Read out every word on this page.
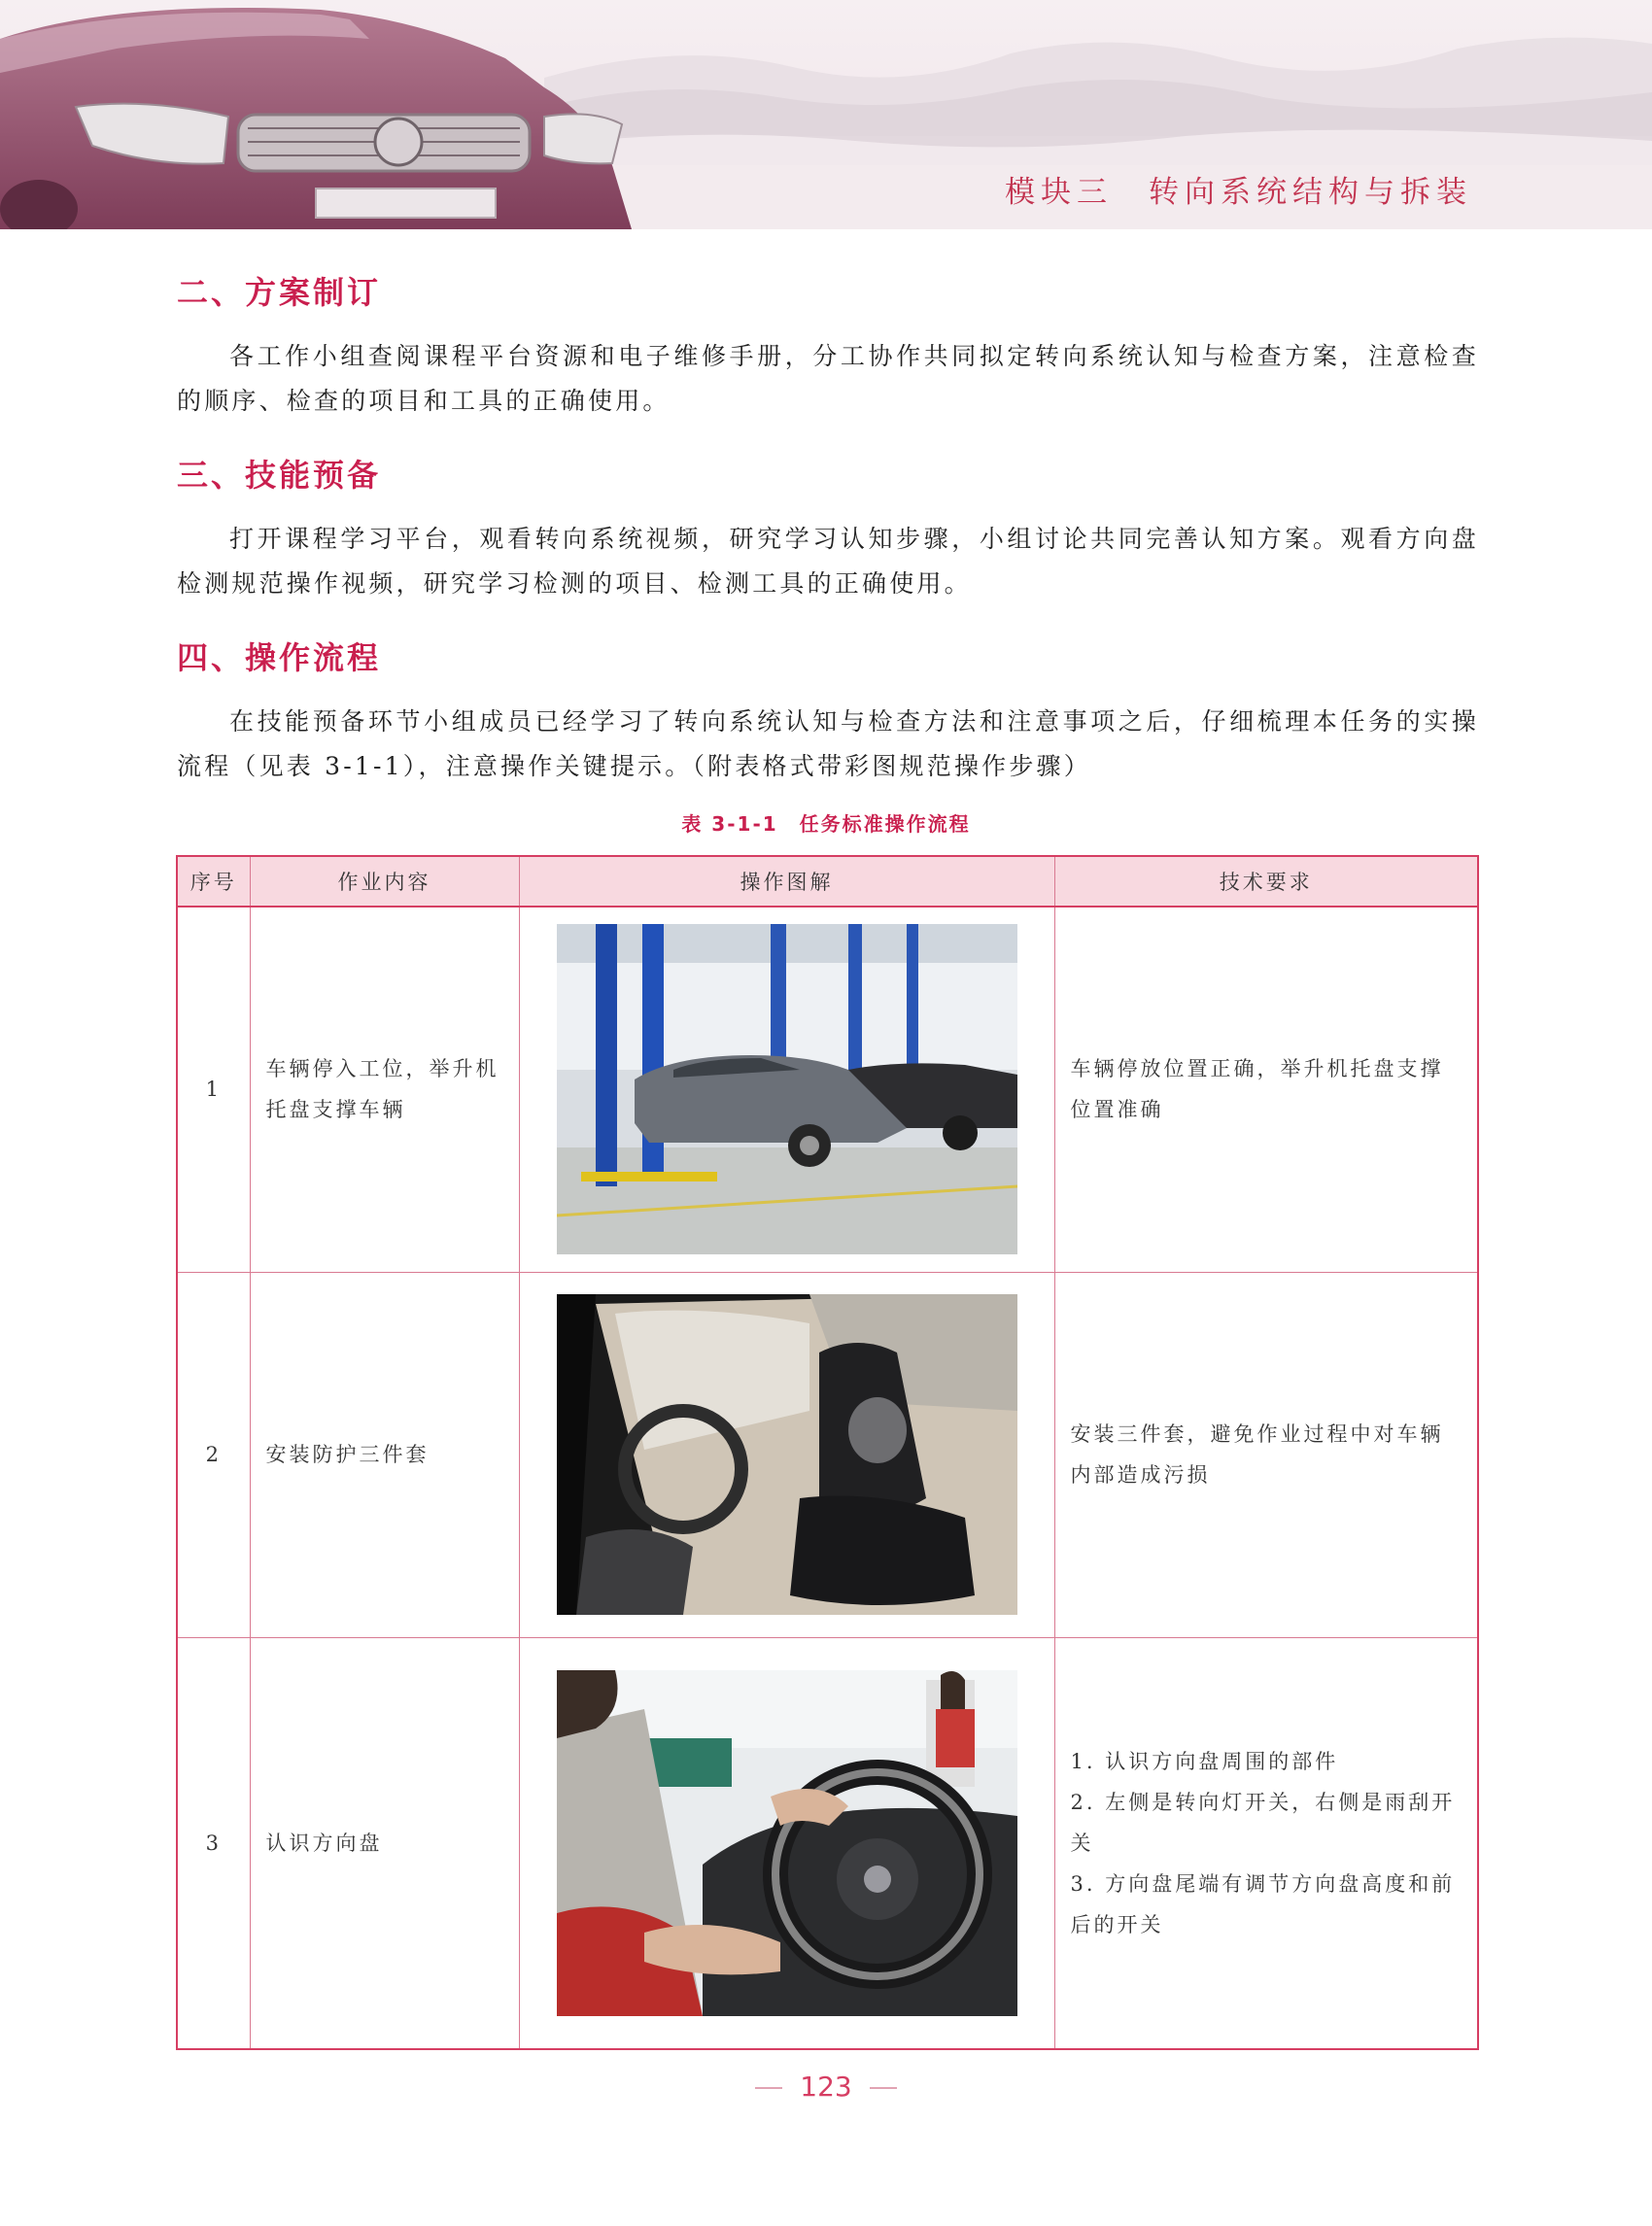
模块三　转向系统结构与拆装
二、方案制订
各工作小组查阅课程平台资源和电子维修手册，分工协作共同拟定转向系统认知与检查方案，注意检查的顺序、检查的项目和工具的正确使用。
三、技能预备
打开课程学习平台，观看转向系统视频，研究学习认知步骤，小组讨论共同完善认知方案。观看方向盘检测规范操作视频，研究学习检测的项目、检测工具的正确使用。
四、操作流程
在技能预备环节小组成员已经学习了转向系统认知与检查方法和注意事项之后，仔细梳理本任务的实操流程（见表 3-1-1），注意操作关键提示。（附表格式带彩图规范操作步骤）
表 3-1-1　任务标准操作流程
序号	作业内容	操作图解	技术要求
1	车辆停入工位，举升机托盘支撑车辆		车辆停放位置正确，举升机托盘支撑位置准确
2	安装防护三件套		安装三件套，避免作业过程中对车辆内部造成污损
3	认识方向盘		1. 认识方向盘周围的部件
2. 左侧是转向灯开关，右侧是雨刮开关
3. 方向盘尾端有调节方向盘高度和前后的开关
123
